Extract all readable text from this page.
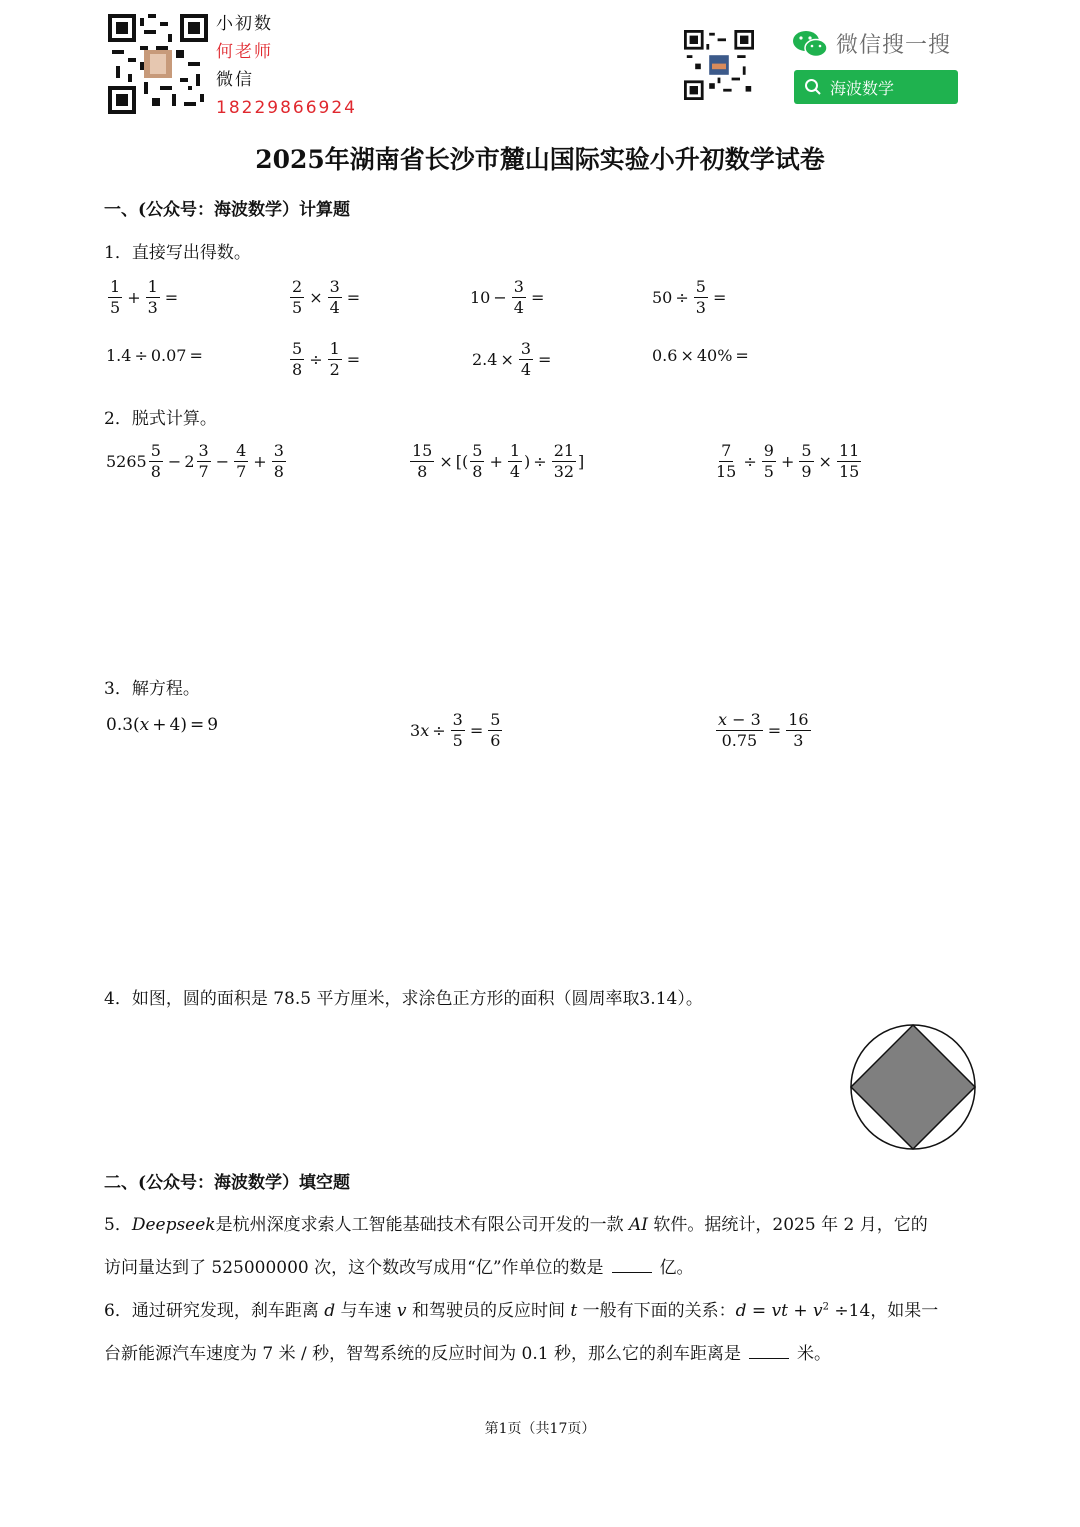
小初数
何老师
微信
18229866924
微信搜一搜
海波数学
2025年湖南省长沙市麓山国际实验小升初数学试卷
一、(公众号：海波数学）计算题
1．直接写出得数。
$\frac{1}{5} + \frac{1}{3}$ =	$\frac{2}{5} \times \frac{3}{4}$ =	$10 - \frac{3}{4}$ =	$50 \div \frac{5}{3}$ =
1.4 ÷ 0.07 =	$\frac{5}{8} \div \frac{1}{2}$ =	$2.4 \times \frac{3}{4}$ =	0.6 × 40% =
2．脱式计算。
$5265 \frac{5}{8} - 2 \frac{3}{7} - \frac{4}{7} + \frac{3}{8}$	$\frac{15}{8}$ × [( $\frac{5}{8} + \frac{1}{4}$ ) ÷ $\frac{21}{32}$ ]	$\frac{7}{15} \div \frac{9}{5} + \frac{5}{9} \times \frac{11}{15}$
3．解方程。
0.3( x + 4) = 9	3 $x \div \frac{3}{5} = \frac{5}{6}$	$\frac{x - 3}{0.75} = \frac{16}{3}$
4．如图，圆的面积是 78.5 平方厘米，求涂色正方形的面积（圆周率取3.14）。
二、(公众号：海波数学）填空题
5．Deepseek是杭州深度求索人工智能基础技术有限公司开发的一款 AI 软件。据统计，2025 年 2 月，它的
访问量达到了 525000000 次，这个数改写成用“亿”作单位的数是	亿。
6．通过研究发现，刹车距离 d 与车速 v 和驾驶员的反应时间 t 一般有下面的关系：d = vt + $v^2 \div 14$，如果一
台新能源汽车速度为 7 米 / 秒，智驾系统的反应时间为 0.1 秒，那么它的刹车距离是	米。
第1页（共17页）
